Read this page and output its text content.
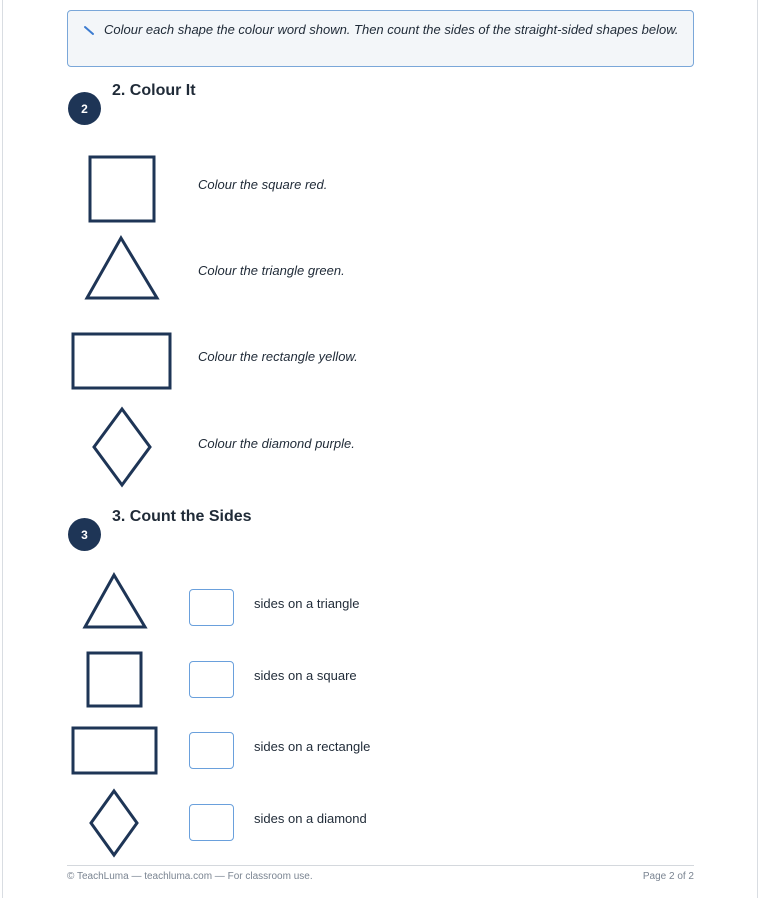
Colour each shape the colour word shown. Then count the sides of the straight-sided shapes below.
2
2. Colour It
Colour the square red.
Colour the triangle green.
Colour the rectangle yellow.
Colour the diamond purple.
3
3. Count the Sides
sides on a triangle
sides on a square
sides on a rectangle
sides on a diamond
© TeachLuma — teachluma.com — For classroom use.	Page 2 of 2
